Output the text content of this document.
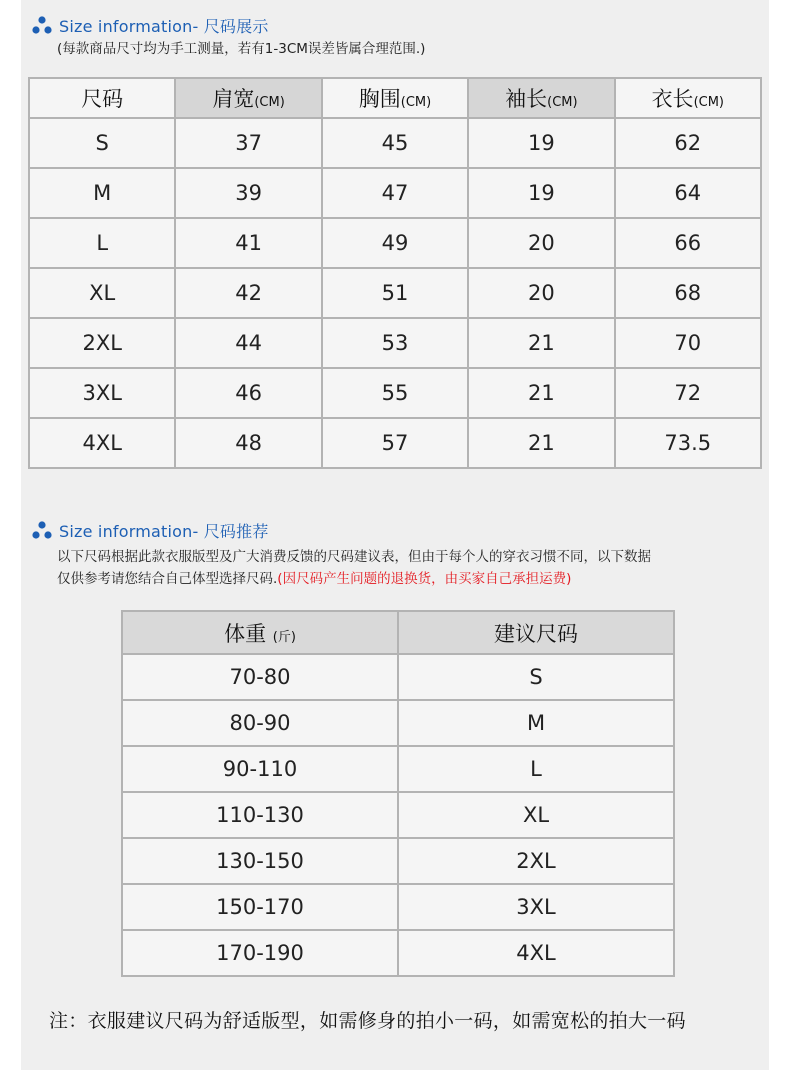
Size information- 尺码展示
(每款商品尺寸均为手工测量，若有1-3CM误差皆属合理范围.)
尺码	肩宽(CM)	胸围(CM)	袖长(CM)	衣长(CM)
S	37	45	19	62
M	39	47	19	64
L	41	49	20	66
XL	42	51	20	68
2XL	44	53	21	70
3XL	46	55	21	72
4XL	48	57	21	73.5
Size information- 尺码推荐
以下尺码根据此款衣服版型及广大消费反馈的尺码建议表，但由于每个人的穿衣习惯不同，以下数据
仅供参考请您结合自己体型选择尺码.(因尺码产生问题的退换货，由买家自己承担运费)
体重 (斤)	建议尺码
70-80	S
80-90	M
90-110	L
110-130	XL
130-150	2XL
150-170	3XL
170-190	4XL
注：衣服建议尺码为舒适版型，如需修身的拍小一码，如需宽松的拍大一码
